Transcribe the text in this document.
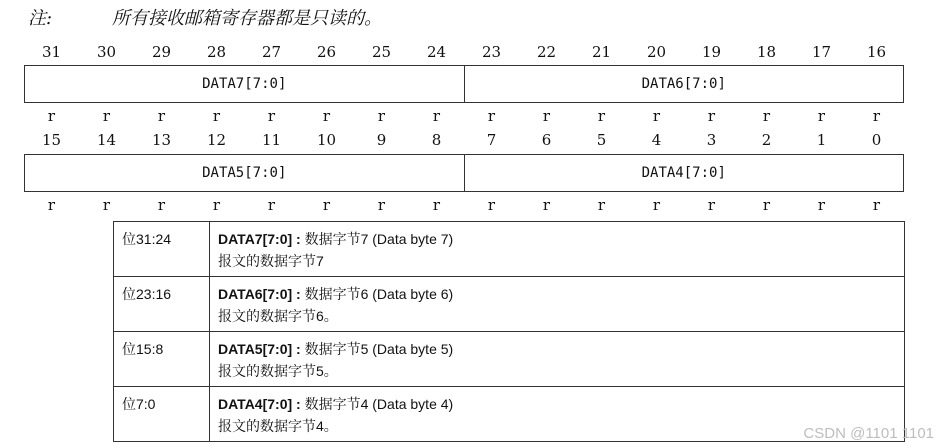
注:	所有接收邮箱寄存器都是只读的。
31	30	29	28	27	26	25	24	23	22	21	20	19	18	17	16
DATA7[7:0]	DATA6[7:0]
r	r	r	r	r	r	r	r	r	r	r	r	r	r	r	r
15	14	13	12	11	10	9	8	7	6	5	4	3	2	1	0
DATA5[7:0]	DATA4[7:0]
r	r	r	r	r	r	r	r	r	r	r	r	r	r	r	r
位31:24	DATA7[7:0] : 数据字节7 (Data byte 7)
报文的数据字节7
位23:16	DATA6[7:0] : 数据字节6 (Data byte 6)
报文的数据字节6。
位15:8	DATA5[7:0] : 数据字节5 (Data byte 5)
报文的数据字节5。
位7:0	DATA4[7:0] : 数据字节4 (Data byte 4)
报文的数据字节4。	CSDN @1101 1101
